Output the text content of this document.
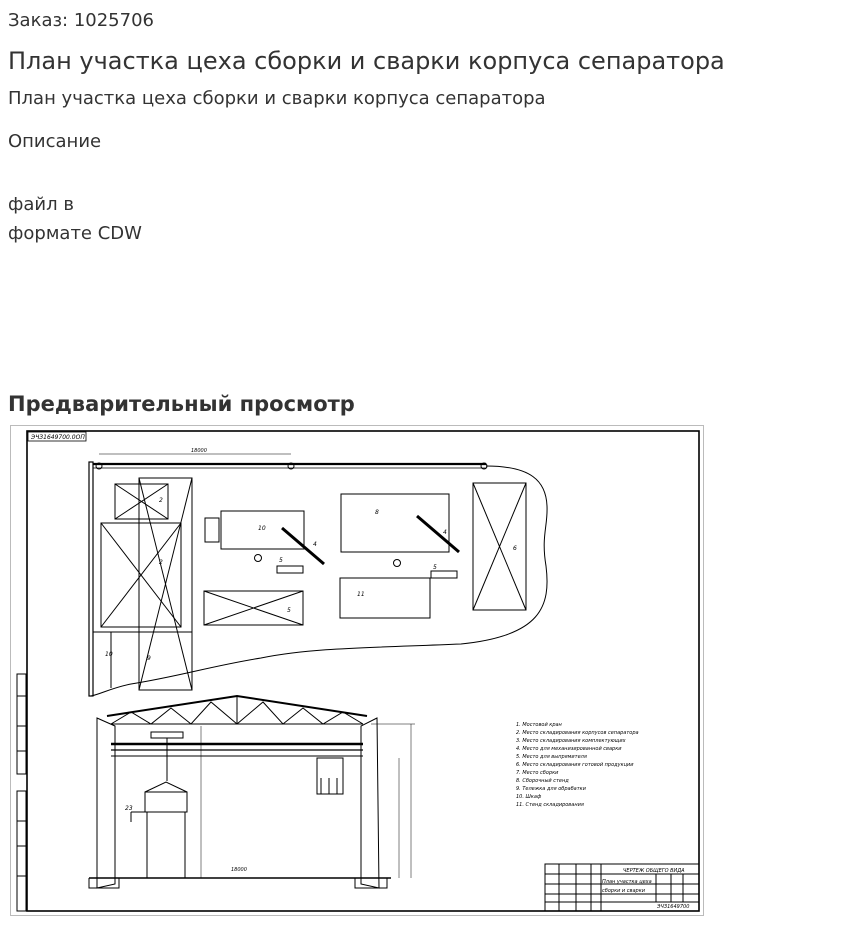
Заказ: 1025706
План участка цеха сборки и сварки корпуса сепаратора
План участка цеха сборки и сварки корпуса сепаратора
Описание
файл в
формате CDW
Предварительный просмотр
ЭЧЗ1649700.0ОП
18000
2
2
9
10
10
4
8
4
11
5
6
5
5
23
18000
1. Мостовой кран
2. Место складирования корпусов сепаратора
3. Место складирования комплектующих
4. Место для механизированной сварки
5. Место для выпрямителя
6. Место складирования готовой продукции
7. Место сборки
8. Сборочный стенд
9. Тележка для обрабатки
10. Шкаф
11. Стенд складирования
ЧЕРТЕЖ ОБЩЕГО ВИДА
План участка цеха
сборки и сварки
ЭЧЗ1649700
